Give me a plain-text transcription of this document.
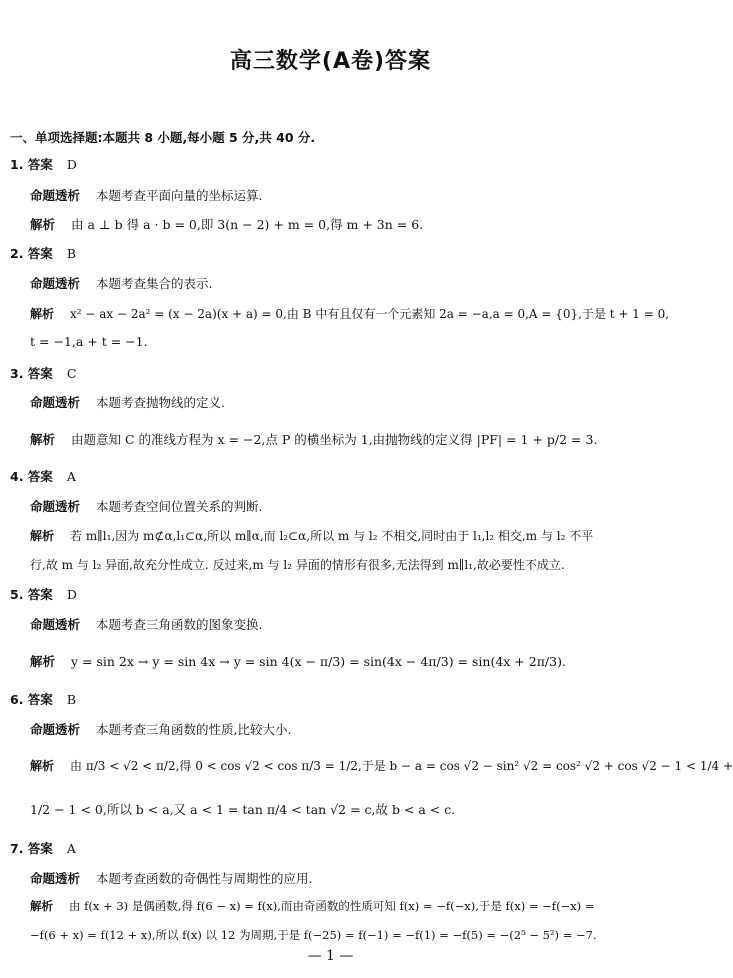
高三数学(A卷)答案
一、单项选择题:本题共 8 小题,每小题 5 分,共 40 分.
1. 答案 D
命题透析 本题考查平面向量的坐标运算.
解析 由 a ⊥ b 得 a · b = 0,即 3(n − 2) + m = 0,得 m + 3n = 6.
2. 答案 B
命题透析 本题考查集合的表示.
解析 x² − ax − 2a² = (x − 2a)(x + a) = 0,由 B 中有且仅有一个元素知 2a = −a,a = 0,A = {0},于是 t + 1 = 0,
t = −1,a + t = −1.
3. 答案 C
命题透析 本题考查抛物线的定义.
解析 由题意知 C 的准线方程为 x = −2,点 P 的横坐标为 1,由抛物线的定义得 |PF| = 1 + p/2 = 3.
4. 答案 A
命题透析 本题考查空间位置关系的判断.
解析 若 m∥l₁,因为 m⊄α,l₁⊂α,所以 m∥α,而 l₂⊂α,所以 m 与 l₂ 不相交,同时由于 l₁,l₂ 相交,m 与 l₂ 不平
行,故 m 与 l₂ 异面,故充分性成立. 反过来,m 与 l₂ 异面的情形有很多,无法得到 m∥l₁,故必要性不成立.
5. 答案 D
命题透析 本题考查三角函数的图象变换.
解析 y = sin 2x → y = sin 4x → y = sin 4(x − π/3) = sin(4x − 4π/3) = sin(4x + 2π/3).
6. 答案 B
命题透析 本题考查三角函数的性质,比较大小.
解析 由 π/3 < √2 < π/2,得 0 < cos √2 < cos π/3 = 1/2,于是 b − a = cos √2 − sin² √2 = cos² √2 + cos √2 − 1 < 1/4 +
1/2 − 1 < 0,所以 b < a,又 a < 1 = tan π/4 < tan √2 = c,故 b < a < c.
7. 答案 A
命题透析 本题考查函数的奇偶性与周期性的应用.
解析 由 f(x + 3) 是偶函数,得 f(6 − x) = f(x),而由奇函数的性质可知 f(x) = −f(−x),于是 f(x) = −f(−x) =
−f(6 + x) = f(12 + x),所以 f(x) 以 12 为周期,于是 f(−25) = f(−1) = −f(1) = −f(5) = −(2⁵ − 5²) = −7.
— 1 —
